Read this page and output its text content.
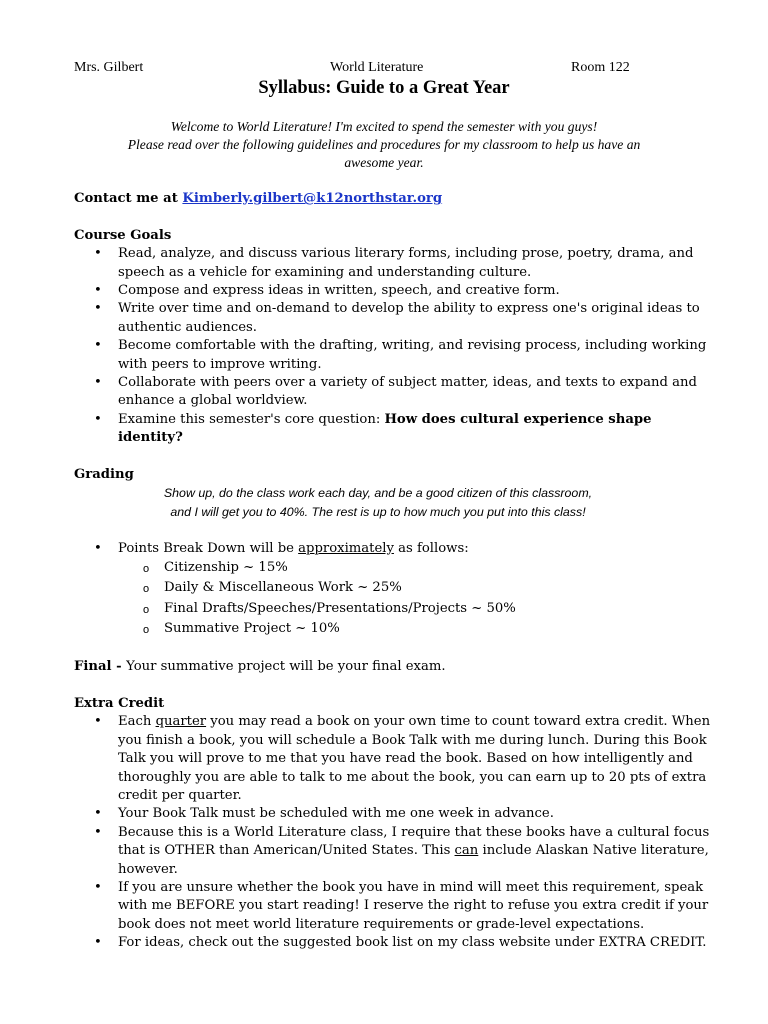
Mrs. Gilbert	World Literature	Room 122
Syllabus: Guide to a Great Year
Welcome to World Literature! I'm excited to spend the semester with you guys!
Please read over the following guidelines and procedures for my classroom to help us have an
awesome year.

Contact me at Kimberly.gilbert@k12northstar.org

Course Goals

• Read, analyze, and discuss various literary forms, including prose, poetry, drama, and speech as a vehicle for examining and understanding culture.
• Compose and express ideas in written, speech, and creative form.
• Write over time and on-demand to develop the ability to express one's original ideas to authentic audiences.
• Become comfortable with the drafting, writing, and revising process, including working with peers to improve writing.
• Collaborate with peers over a variety of subject matter, ideas, and texts to expand and enhance a global worldview.
• Examine this semester's core question: How does cultural experience shape identity?

Grading

Show up, do the class work each day, and be a good citizen of this classroom,
and I will get you to 40%. The rest is up to how much you put into this class!
• Points Break Down will be approximately as follows:
o Citizenship ~ 15%
o Daily & Miscellaneous Work ~ 25%
o Final Drafts/Speeches/Presentations/Projects ~ 50%
o Summative Project ~ 10%

Final - Your summative project will be your final exam.

Extra Credit

• Each quarter you may read a book on your own time to count toward extra credit. When you finish a book, you will schedule a Book Talk with me during lunch. During this Book Talk you will prove to me that you have read the book. Based on how intelligently and thoroughly you are able to talk to me about the book, you can earn up to 20 pts of extra credit per quarter.
• Your Book Talk must be scheduled with me one week in advance.
• Because this is a World Literature class, I require that these books have a cultural focus that is OTHER than American/United States. This can include Alaskan Native literature, however.
• If you are unsure whether the book you have in mind will meet this requirement, speak with me BEFORE you start reading! I reserve the right to refuse you extra credit if your book does not meet world literature requirements or grade-level expectations.
• For ideas, check out the suggested book list on my class website under EXTRA CREDIT.
